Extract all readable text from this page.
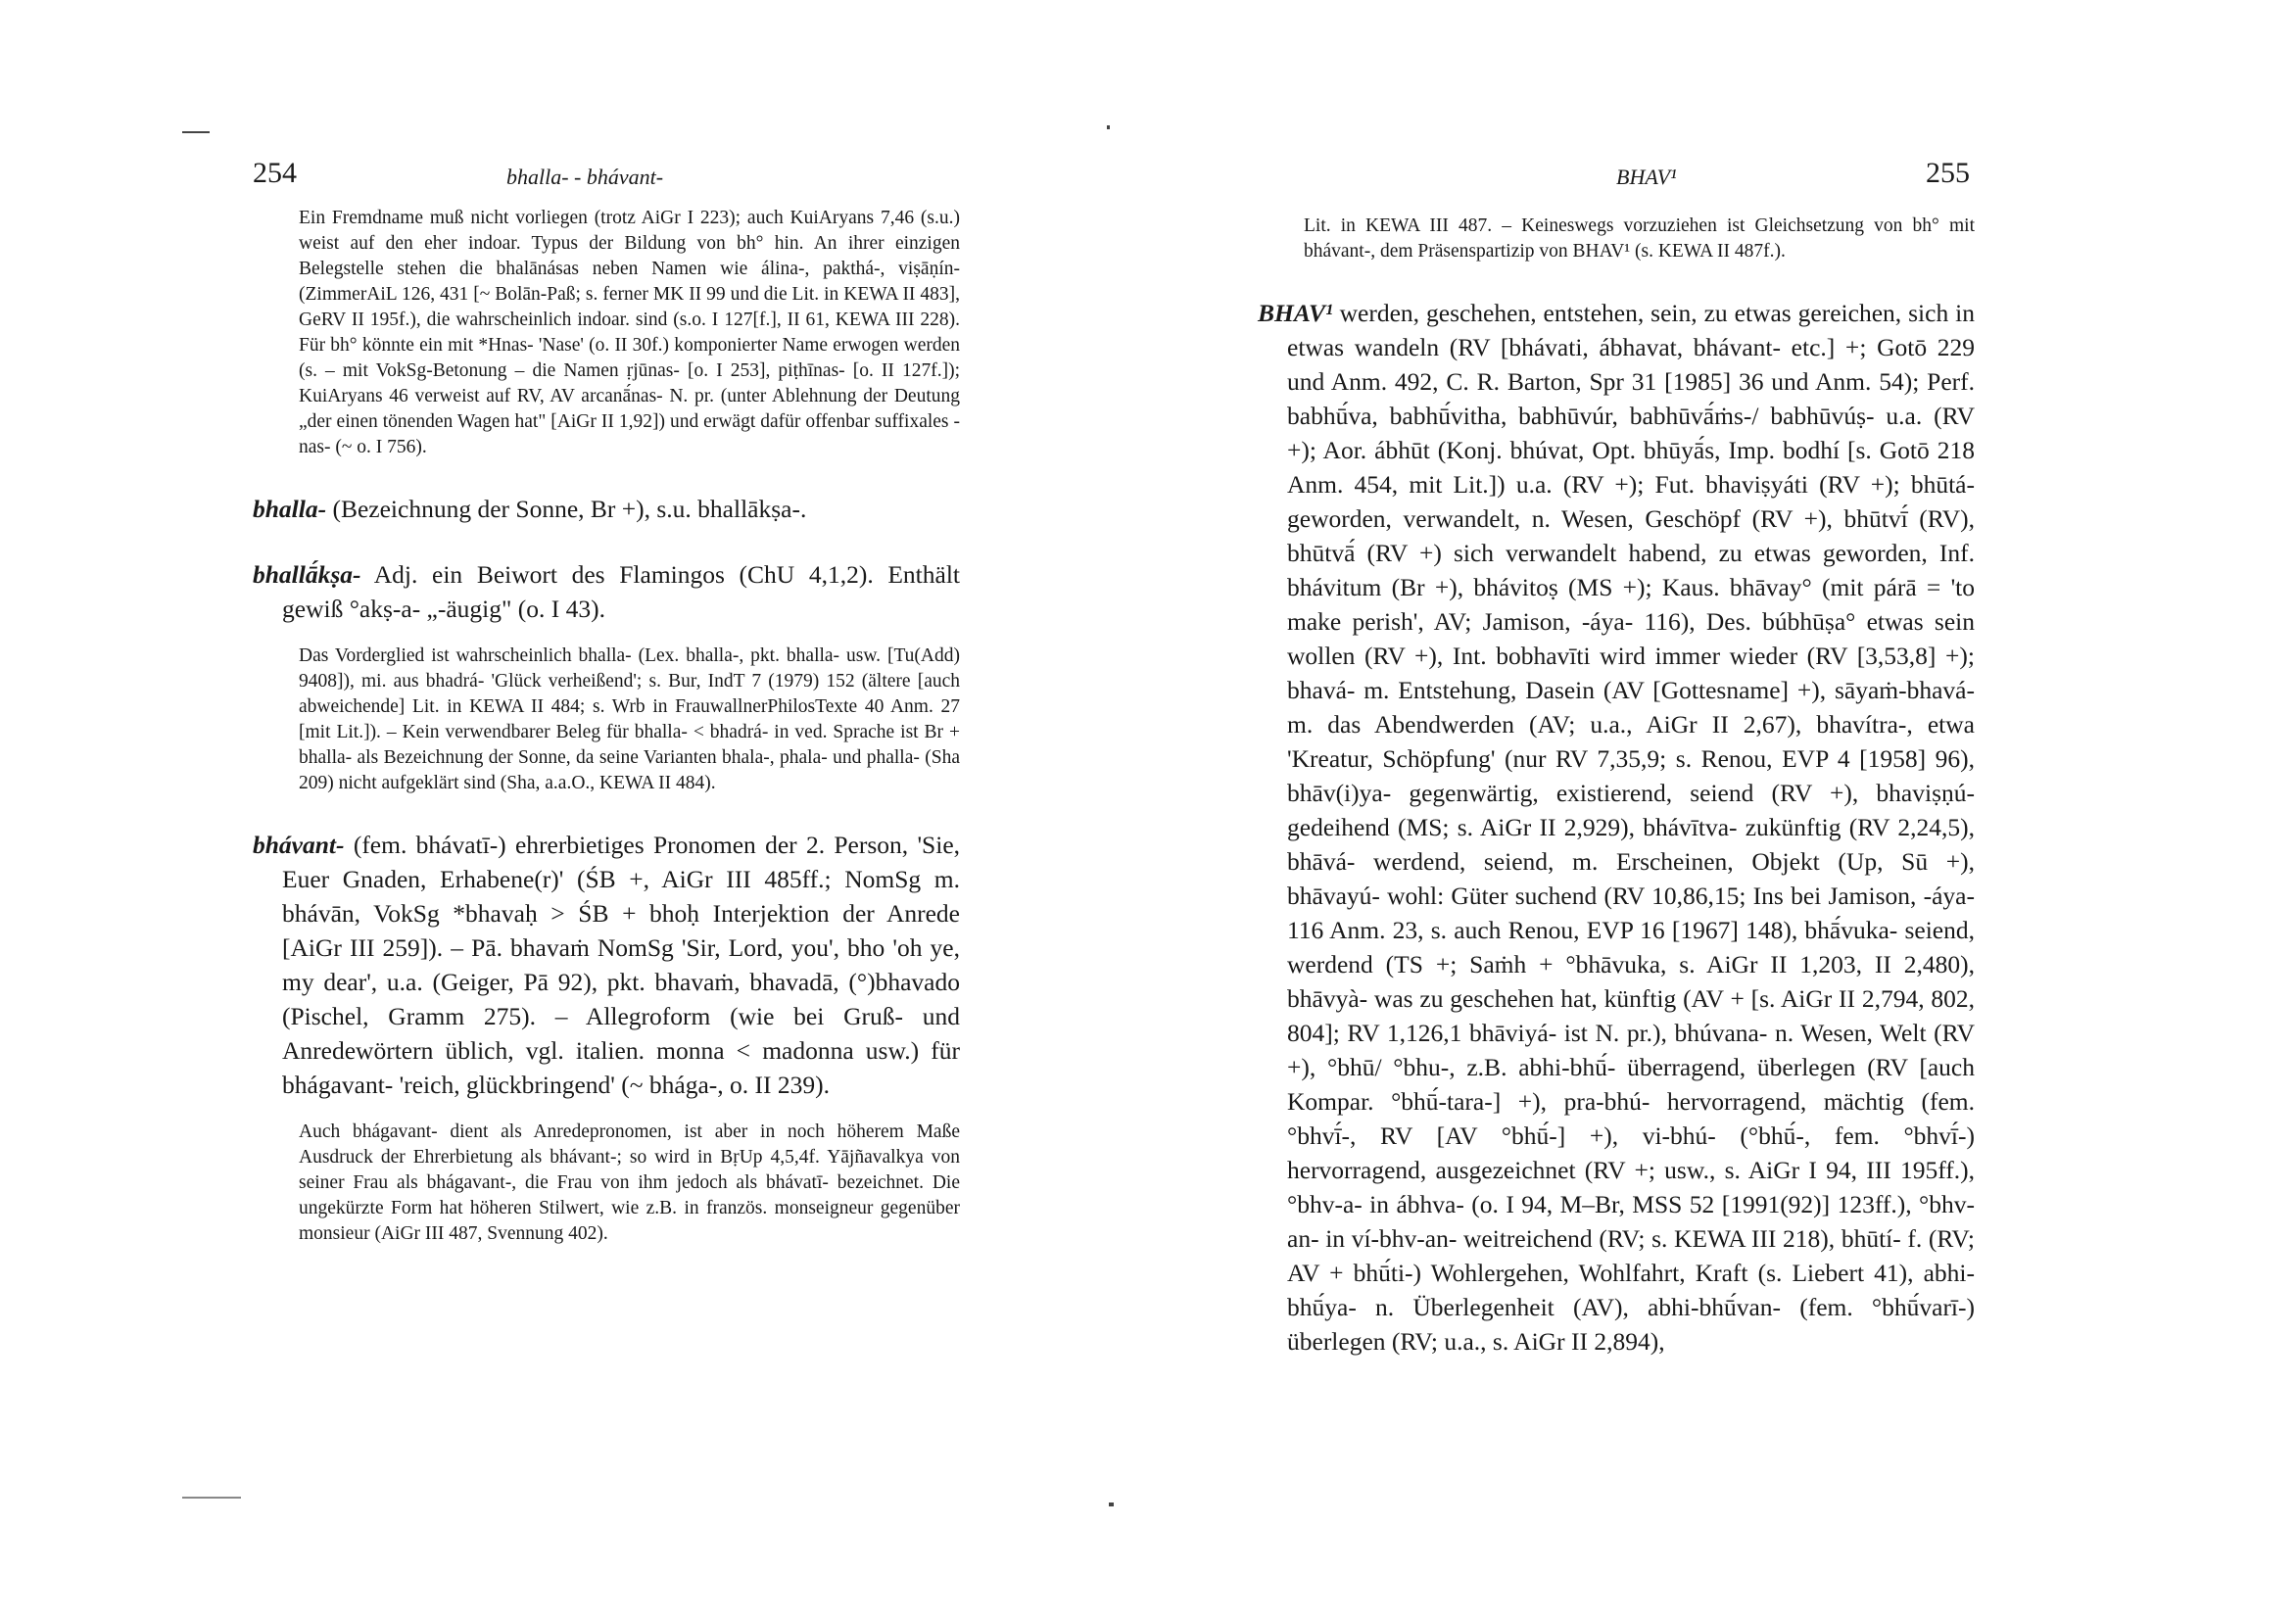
254	bhalla- - bhávant-

Ein Fremdname muß nicht vorliegen (trotz AiGr I 223); auch KuiAryans 7,46 (s.u.) weist auf den eher indoar. Typus der Bildung von bh° hin. An ihrer einzigen Belegstelle stehen die bhalānásas neben Namen wie álina-, pakthá-, viṣāṇín- (ZimmerAiL 126, 431 [~ Bolān-Paß; s. ferner MK II 99 und die Lit. in KEWA II 483], GeRV II 195f.), die wahrscheinlich indoar. sind (s.o. I 127[f.], II 61, KEWA III 228). Für bh° könnte ein mit *Hnas- 'Nase' (o. II 30f.) komponierter Name erwogen werden (s. – mit VokSg-Betonung – die Namen ṛjūnas- [o. I 253], piṭhīnas- [o. II 127f.]); KuiAryans 46 verweist auf RV, AV arcanā́nas- N. pr. (unter Ablehnung der Deutung „der einen tönenden Wagen hat" [AiGr II 1,92]) und erwägt dafür offenbar suffixales -nas- (~ o. I 756).

bhalla- (Bezeichnung der Sonne, Br +), s.u. bhallākṣa-.
bhallā́kṣa- Adj. ein Beiwort des Flamingos (ChU 4,1,2). Enthält gewiß °akṣ-a- „-äugig" (o. I 43).

Das Vorderglied ist wahrscheinlich bhalla- (Lex. bhalla-, pkt. bhalla- usw. [Tu(Add) 9408]), mi. aus bhadrá- 'Glück verheißend'; s. Bur, IndT 7 (1979) 152 (ältere [auch abweichende] Lit. in KEWA II 484; s. Wrb in FrauwallnerPhilosTexte 40 Anm. 27 [mit Lit.]). – Kein verwendbarer Beleg für bhalla- < bhadrá- in ved. Sprache ist Br + bhalla- als Bezeichnung der Sonne, da seine Varianten bhala-, phala- und phalla- (Sha 209) nicht aufgeklärt sind (Sha, a.a.O., KEWA II 484).

bhávant- (fem. bhávatī-) ehrerbietiges Pronomen der 2. Person, 'Sie, Euer Gnaden, Erhabene(r)' (ŚB +, AiGr III 485ff.; NomSg m. bhávān, VokSg *bhavaḥ > ŚB + bhoḥ Interjektion der Anrede [AiGr III 259]). – Pā. bhavaṁ NomSg 'Sir, Lord, you', bho 'oh ye, my dear', u.a. (Geiger, Pā 92), pkt. bhavaṁ, bhavadā, (°)bhavado (Pischel, Gramm 275). – Allegroform (wie bei Gruß- und Anredewörtern üblich, vgl. italien. monna < madonna usw.) für bhágavant- 'reich, glückbringend' (~ bhága-, o. II 239).

Auch bhágavant- dient als Anredepronomen, ist aber in noch höherem Maße Ausdruck der Ehrerbietung als bhávant-; so wird in BṛUp 4,5,4f. Yājñavalkya von seiner Frau als bhágavant-, die Frau von ihm jedoch als bhávatī- bezeichnet. Die ungekürzte Form hat höheren Stilwert, wie z.B. in französ. monseigneur gegenüber monsieur (AiGr III 487, Svennung 402).

BHAV¹	255

Lit. in KEWA III 487. – Keineswegs vorzuziehen ist Gleichsetzung von bh° mit bhávant-, dem Präsenspartizip von BHAV¹ (s. KEWA II 487f.).

BHAV¹ werden, geschehen, entstehen, sein, zu etwas gereichen, sich in etwas wandeln (RV [bhávati, ábhavat, bhávant- etc.] +; Gotō 229 und Anm. 492, C. R. Barton, Spr 31 [1985] 36 und Anm. 54); Perf. babhū́va, babhū́vitha, babhūvúr, babhūvā́ṁs-/ babhūvúṣ- u.a. (RV +); Aor. ábhūt (Konj. bhúvat, Opt. bhūyā́s, Imp. bodhí [s. Gotō 218 Anm. 454, mit Lit.]) u.a. (RV +); Fut. bhaviṣyáti (RV +); bhūtá- geworden, verwandelt, n. Wesen, Geschöpf (RV +), bhūtvī́ (RV), bhūtvā́ (RV +) sich verwandelt habend, zu etwas geworden, Inf. bhávitum (Br +), bhávitoṣ (MS +); Kaus. bhāvay° (mit párā = 'to make perish', AV; Jamison, -áya- 116), Des. búbhūṣa° etwas sein wollen (RV +), Int. bobhavīti wird immer wieder (RV [3,53,8] +); bhavá- m. Entstehung, Dasein (AV [Gottesname] +), sāyaṁ-bhavá- m. das Abendwerden (AV; u.a., AiGr II 2,67), bhavítra-, etwa 'Kreatur, Schöpfung' (nur RV 7,35,9; s. Renou, EVP 4 [1958] 96), bhāv(i)ya- gegenwärtig, existierend, seiend (RV +), bhaviṣṇú- gedeihend (MS; s. AiGr II 2,929), bhávītva- zukünftig (RV 2,24,5), bhāvá- werdend, seiend, m. Erscheinen, Objekt (Up, Sū +), bhāvayú- wohl: Güter suchend (RV 10,86,15; Ins bei Jamison, -áya- 116 Anm. 23, s. auch Renou, EVP 16 [1967] 148), bhā́vuka- seiend, werdend (TS +; Saṁh + °bhāvuka, s. AiGr II 1,203, II 2,480), bhāvyà- was zu geschehen hat, künftig (AV + [s. AiGr II 2,794, 802, 804]; RV 1,126,1 bhāviyá- ist N. pr.), bhúvana- n. Wesen, Welt (RV +), °bhū/ °bhu-, z.B. abhi-bhū́- überragend, überlegen (RV [auch Kompar. °bhū́-tara-] +), pra-bhú- hervorragend, mächtig (fem. °bhvī́-, RV [AV °bhū́-] +), vi-bhú- (°bhū́-, fem. °bhvī́-) hervorragend, ausgezeichnet (RV +; usw., s. AiGr I 94, III 195ff.), °bhv-a- in ábhva- (o. I 94, M–Br, MSS 52 [1991(92)] 123ff.), °bhv-an- in ví-bhv-an- weitreichend (RV; s. KEWA III 218), bhūtí- f. (RV; AV + bhū́ti-) Wohlergehen, Wohlfahrt, Kraft (s. Liebert 41), abhi-bhū́ya- n. Überlegenheit (AV), abhi-bhū́van- (fem. °bhū́varī-) überlegen (RV; u.a., s. AiGr II 2,894),
